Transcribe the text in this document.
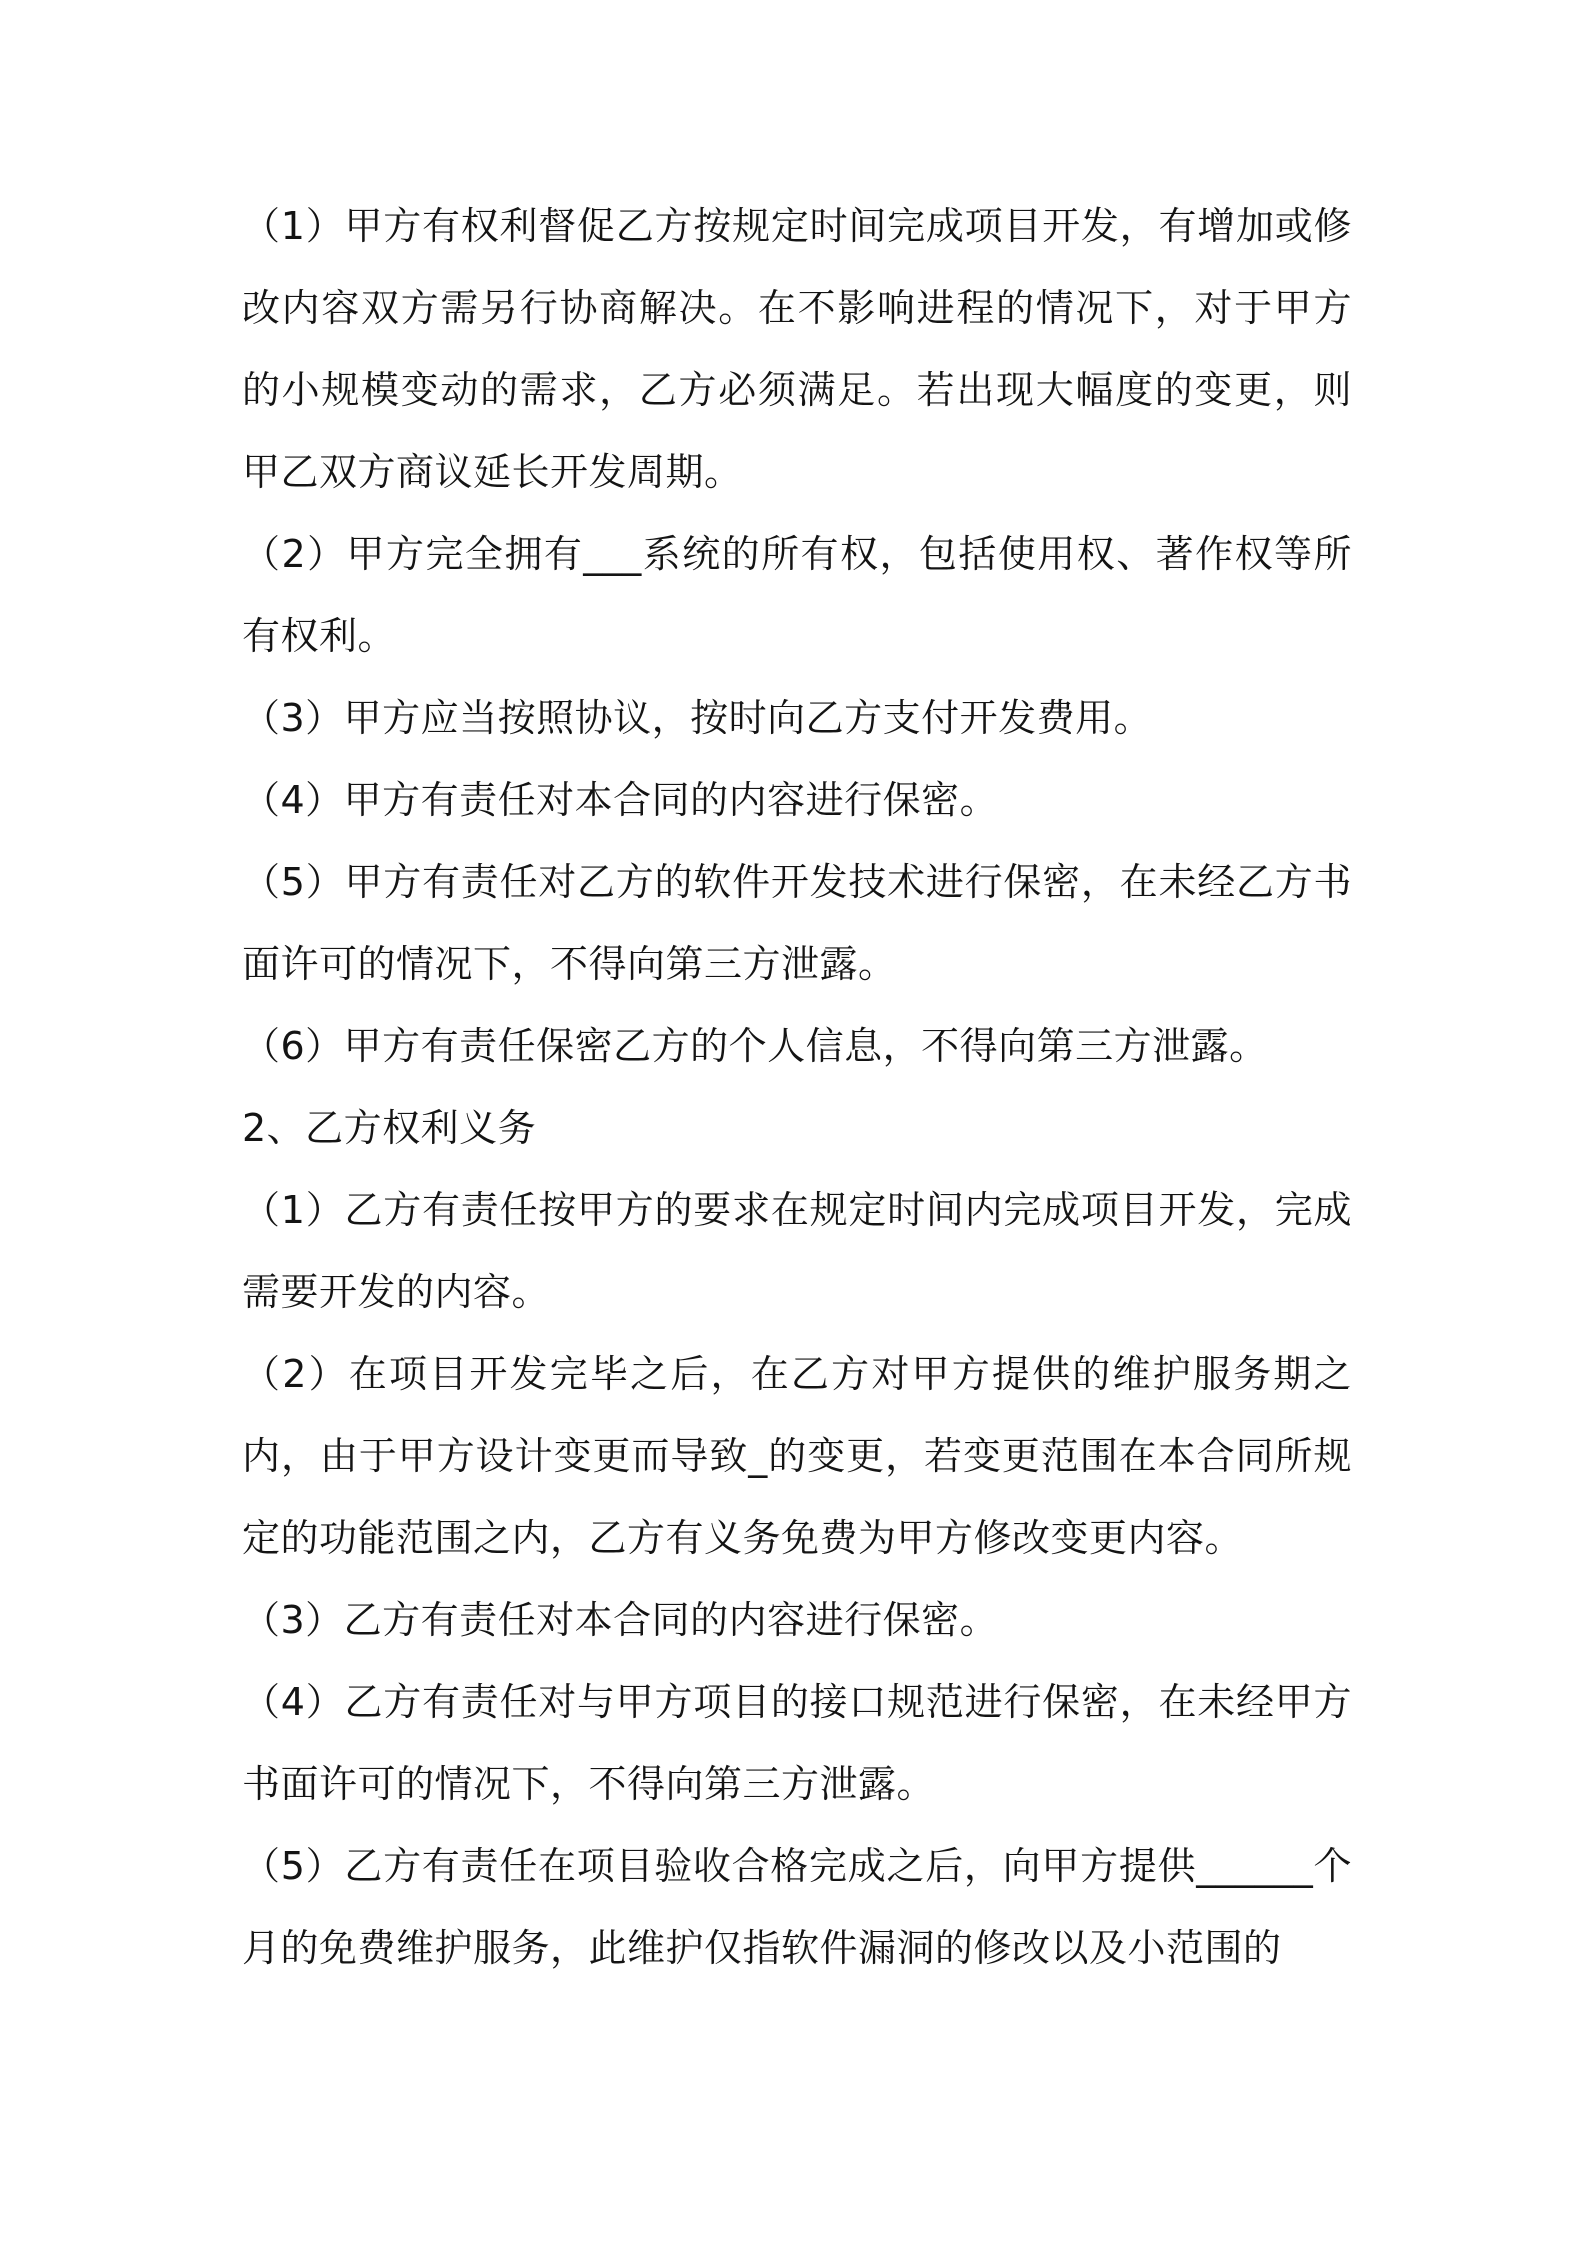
（1）甲方有权利督促乙方按规定时间完成项目开发，有增加或修改内容双方需另行协商解决。在不影响进程的情况下，对于甲方的小规模变动的需求，乙方必须满足。若出现大幅度的变更，则甲乙双方商议延长开发周期。

（2）甲方完全拥有___系统的所有权，包括使用权、著作权等所有权利。

（3）甲方应当按照协议，按时向乙方支付开发费用。

（4）甲方有责任对本合同的内容进行保密。

（5）甲方有责任对乙方的软件开发技术进行保密，在未经乙方书面许可的情况下，不得向第三方泄露。

（6）甲方有责任保密乙方的个人信息，不得向第三方泄露。

2、乙方权利义务

（1）乙方有责任按甲方的要求在规定时间内完成项目开发，完成需要开发的内容。

（2）在项目开发完毕之后，在乙方对甲方提供的维护服务期之内，由于甲方设计变更而导致_的变更，若变更范围在本合同所规定的功能范围之内，乙方有义务免费为甲方修改变更内容。

（3）乙方有责任对本合同的内容进行保密。

（4）乙方有责任对与甲方项目的接口规范进行保密，在未经甲方书面许可的情况下，不得向第三方泄露。

（5）乙方有责任在项目验收合格完成之后，向甲方提供______个月的免费维护服务，此维护仅指软件漏洞的修改以及小范围的
